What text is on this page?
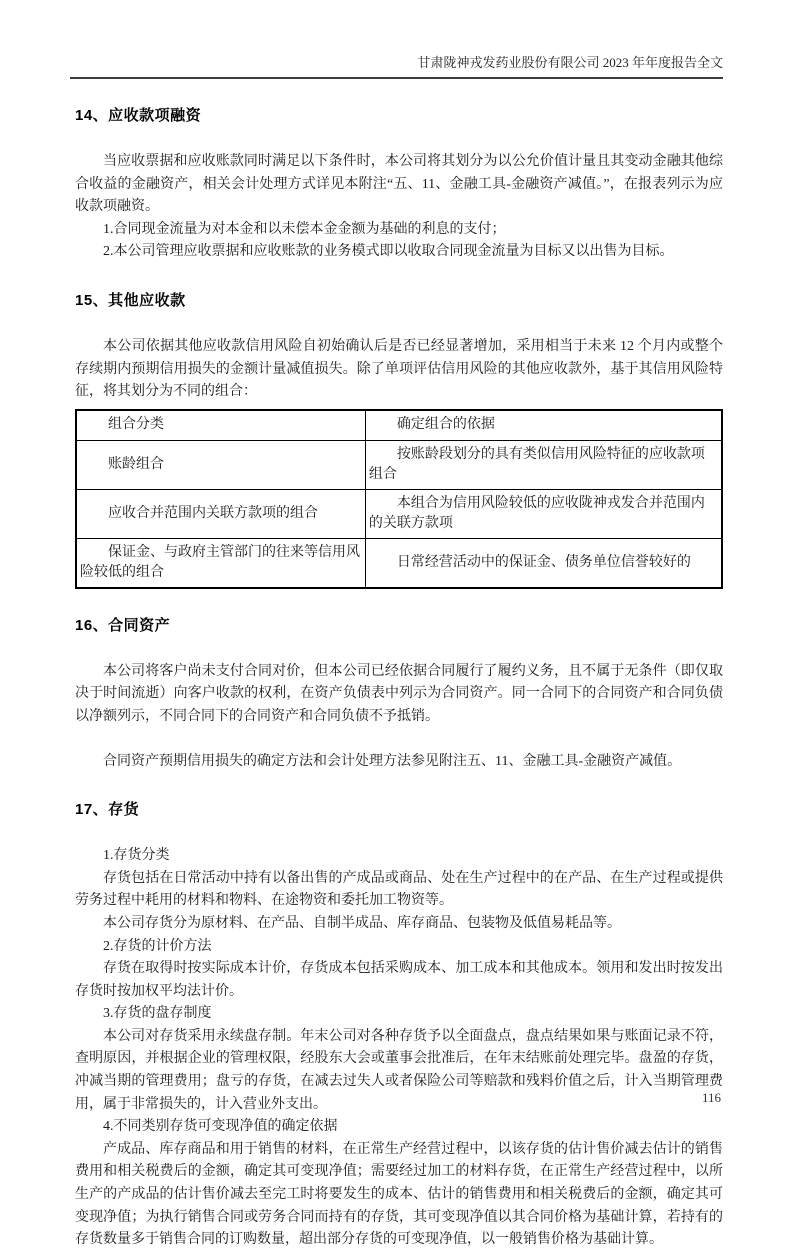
甘肃陇神戎发药业股份有限公司 2023 年年度报告全文
14、应收款项融资

当应收票据和应收账款同时满足以下条件时，本公司将其划分为以公允价值计量且其变动金融其他综合收益的金融资产，相关会计处理方式详见本附注“五、11、金融工具-金融资产减值。”，在报表列示为应收款项融资。

1.合同现金流量为对本金和以未偿本金金额为基础的利息的支付；

2.本公司管理应收票据和应收账款的业务模式即以收取合同现金流量为目标又以出售为目标。

15、其他应收款

本公司依据其他应收款信用风险自初始确认后是否已经显著增加，采用相当于未来 12 个月内或整个存续期内预期信用损失的金额计量减值损失。除了单项评估信用风险的其他应收款外，基于其信用风险特征，将其划分为不同的组合：

组合分类	确定组合的依据
账龄组合	按账龄段划分的具有类似信用风险特征的应收款项组合
应收合并范围内关联方款项的组合	本组合为信用风险较低的应收陇神戎发合并范围内的关联方款项
保证金、与政府主管部门的往来等信用风险较低的组合	日常经营活动中的保证金、债务单位信誉较好的
16、合同资产

本公司将客户尚未支付合同对价，但本公司已经依据合同履行了履约义务，且不属于无条件（即仅取决于时间流逝）向客户收款的权利，在资产负债表中列示为合同资产。同一合同下的合同资产和合同负债以净额列示，不同合同下的合同资产和合同负债不予抵销。

合同资产预期信用损失的确定方法和会计处理方法参见附注五、11、金融工具-金融资产减值。

17、存货

1.存货分类

存货包括在日常活动中持有以备出售的产成品或商品、处在生产过程中的在产品、在生产过程或提供劳务过程中耗用的材料和物料、在途物资和委托加工物资等。

本公司存货分为原材料、在产品、自制半成品、库存商品、包装物及低值易耗品等。

2.存货的计价方法

存货在取得时按实际成本计价，存货成本包括采购成本、加工成本和其他成本。领用和发出时按发出存货时按加权平均法计价。

3.存货的盘存制度

本公司对存货采用永续盘存制。年末公司对各种存货予以全面盘点，盘点结果如果与账面记录不符，查明原因，并根据企业的管理权限，经股东大会或董事会批准后，在年末结账前处理完毕。盘盈的存货，冲减当期的管理费用；盘亏的存货，在减去过失人或者保险公司等赔款和残料价值之后，计入当期管理费用，属于非常损失的，计入营业外支出。

4.不同类别存货可变现净值的确定依据

产成品、库存商品和用于销售的材料，在正常生产经营过程中，以该存货的估计售价减去估计的销售费用和相关税费后的金额，确定其可变现净值；需要经过加工的材料存货，在正常生产经营过程中，以所生产的产成品的估计售价减去至完工时将要发生的成本、估计的销售费用和相关税费后的金额，确定其可变现净值；为执行销售合同或劳务合同而持有的存货，其可变现净值以其合同价格为基础计算，若持有的存货数量多于销售合同的订购数量，超出部分存货的可变现净值，以一般销售价格为基础计算。

116
